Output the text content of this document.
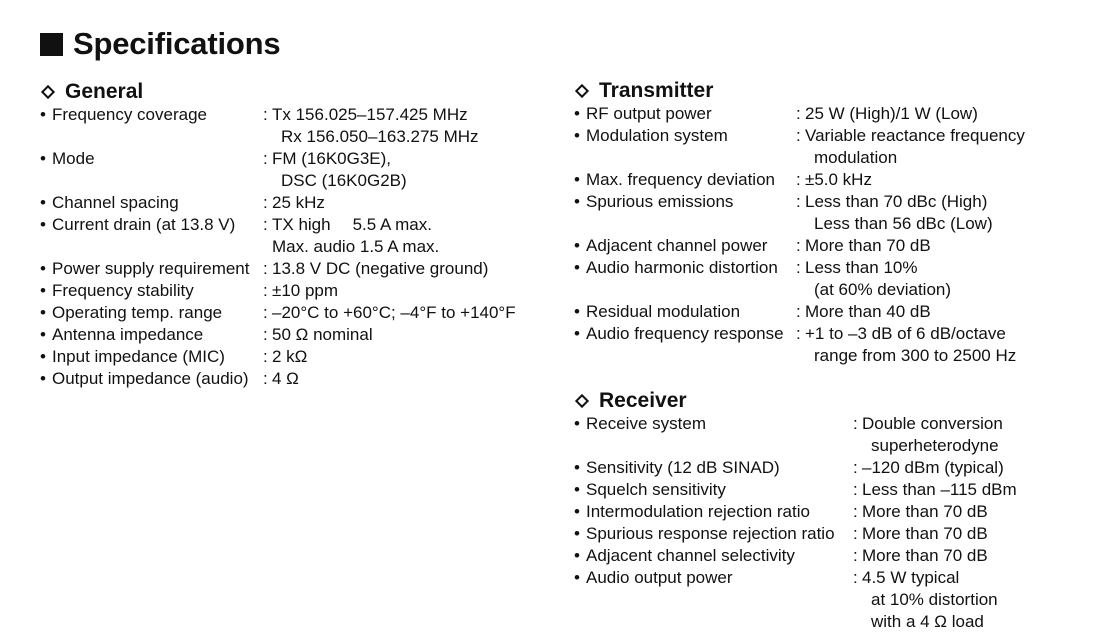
Specifications
General
• Frequency coverage	: Tx 156.025–157.425 MHz
Rx 156.050–163.275 MHz
• Mode	: FM (16K0G3E),
DSC (16K0G2B)
• Channel spacing	: 25 kHz
• Current drain (at 13.8 V)	: TX high 5.5 A max.
Max. audio 1.5 A max.
• Power supply requirement : 13.8 V DC (negative ground)
• Frequency stability	: ±10 ppm
• Operating temp. range	: –20°C to +60°C; –4°F to +140°F
• Antenna impedance	: 50 Ω nominal
• Input impedance (MIC)	: 2 kΩ
• Output impedance (audio) : 4 Ω
Transmitter
• RF output power	: 25 W (High)/1 W (Low)
• Modulation system	: Variable reactance frequency
modulation
• Max. frequency deviation	: ±5.0 kHz
• Spurious emissions	: Less than 70 dBc (High)
Less than 56 dBc (Low)
• Adjacent channel power	: More than 70 dB
• Audio harmonic distortion	: Less than 10%
(at 60% deviation)
• Residual modulation	: More than 40 dB
• Audio frequency response : +1 to –3 dB of 6 dB/octave
range from 300 to 2500 Hz
Receiver
• Receive system	: Double conversion
superheterodyne
• Sensitivity (12 dB SINAD)	: –120 dBm (typical)
• Squelch sensitivity	: Less than –115 dBm
• Intermodulation rejection ratio	: More than 70 dB
• Spurious response rejection ratio	: More than 70 dB
• Adjacent channel selectivity	: More than 70 dB
• Audio output power	: 4.5 W typical
at 10% distortion
with a 4 Ω load
